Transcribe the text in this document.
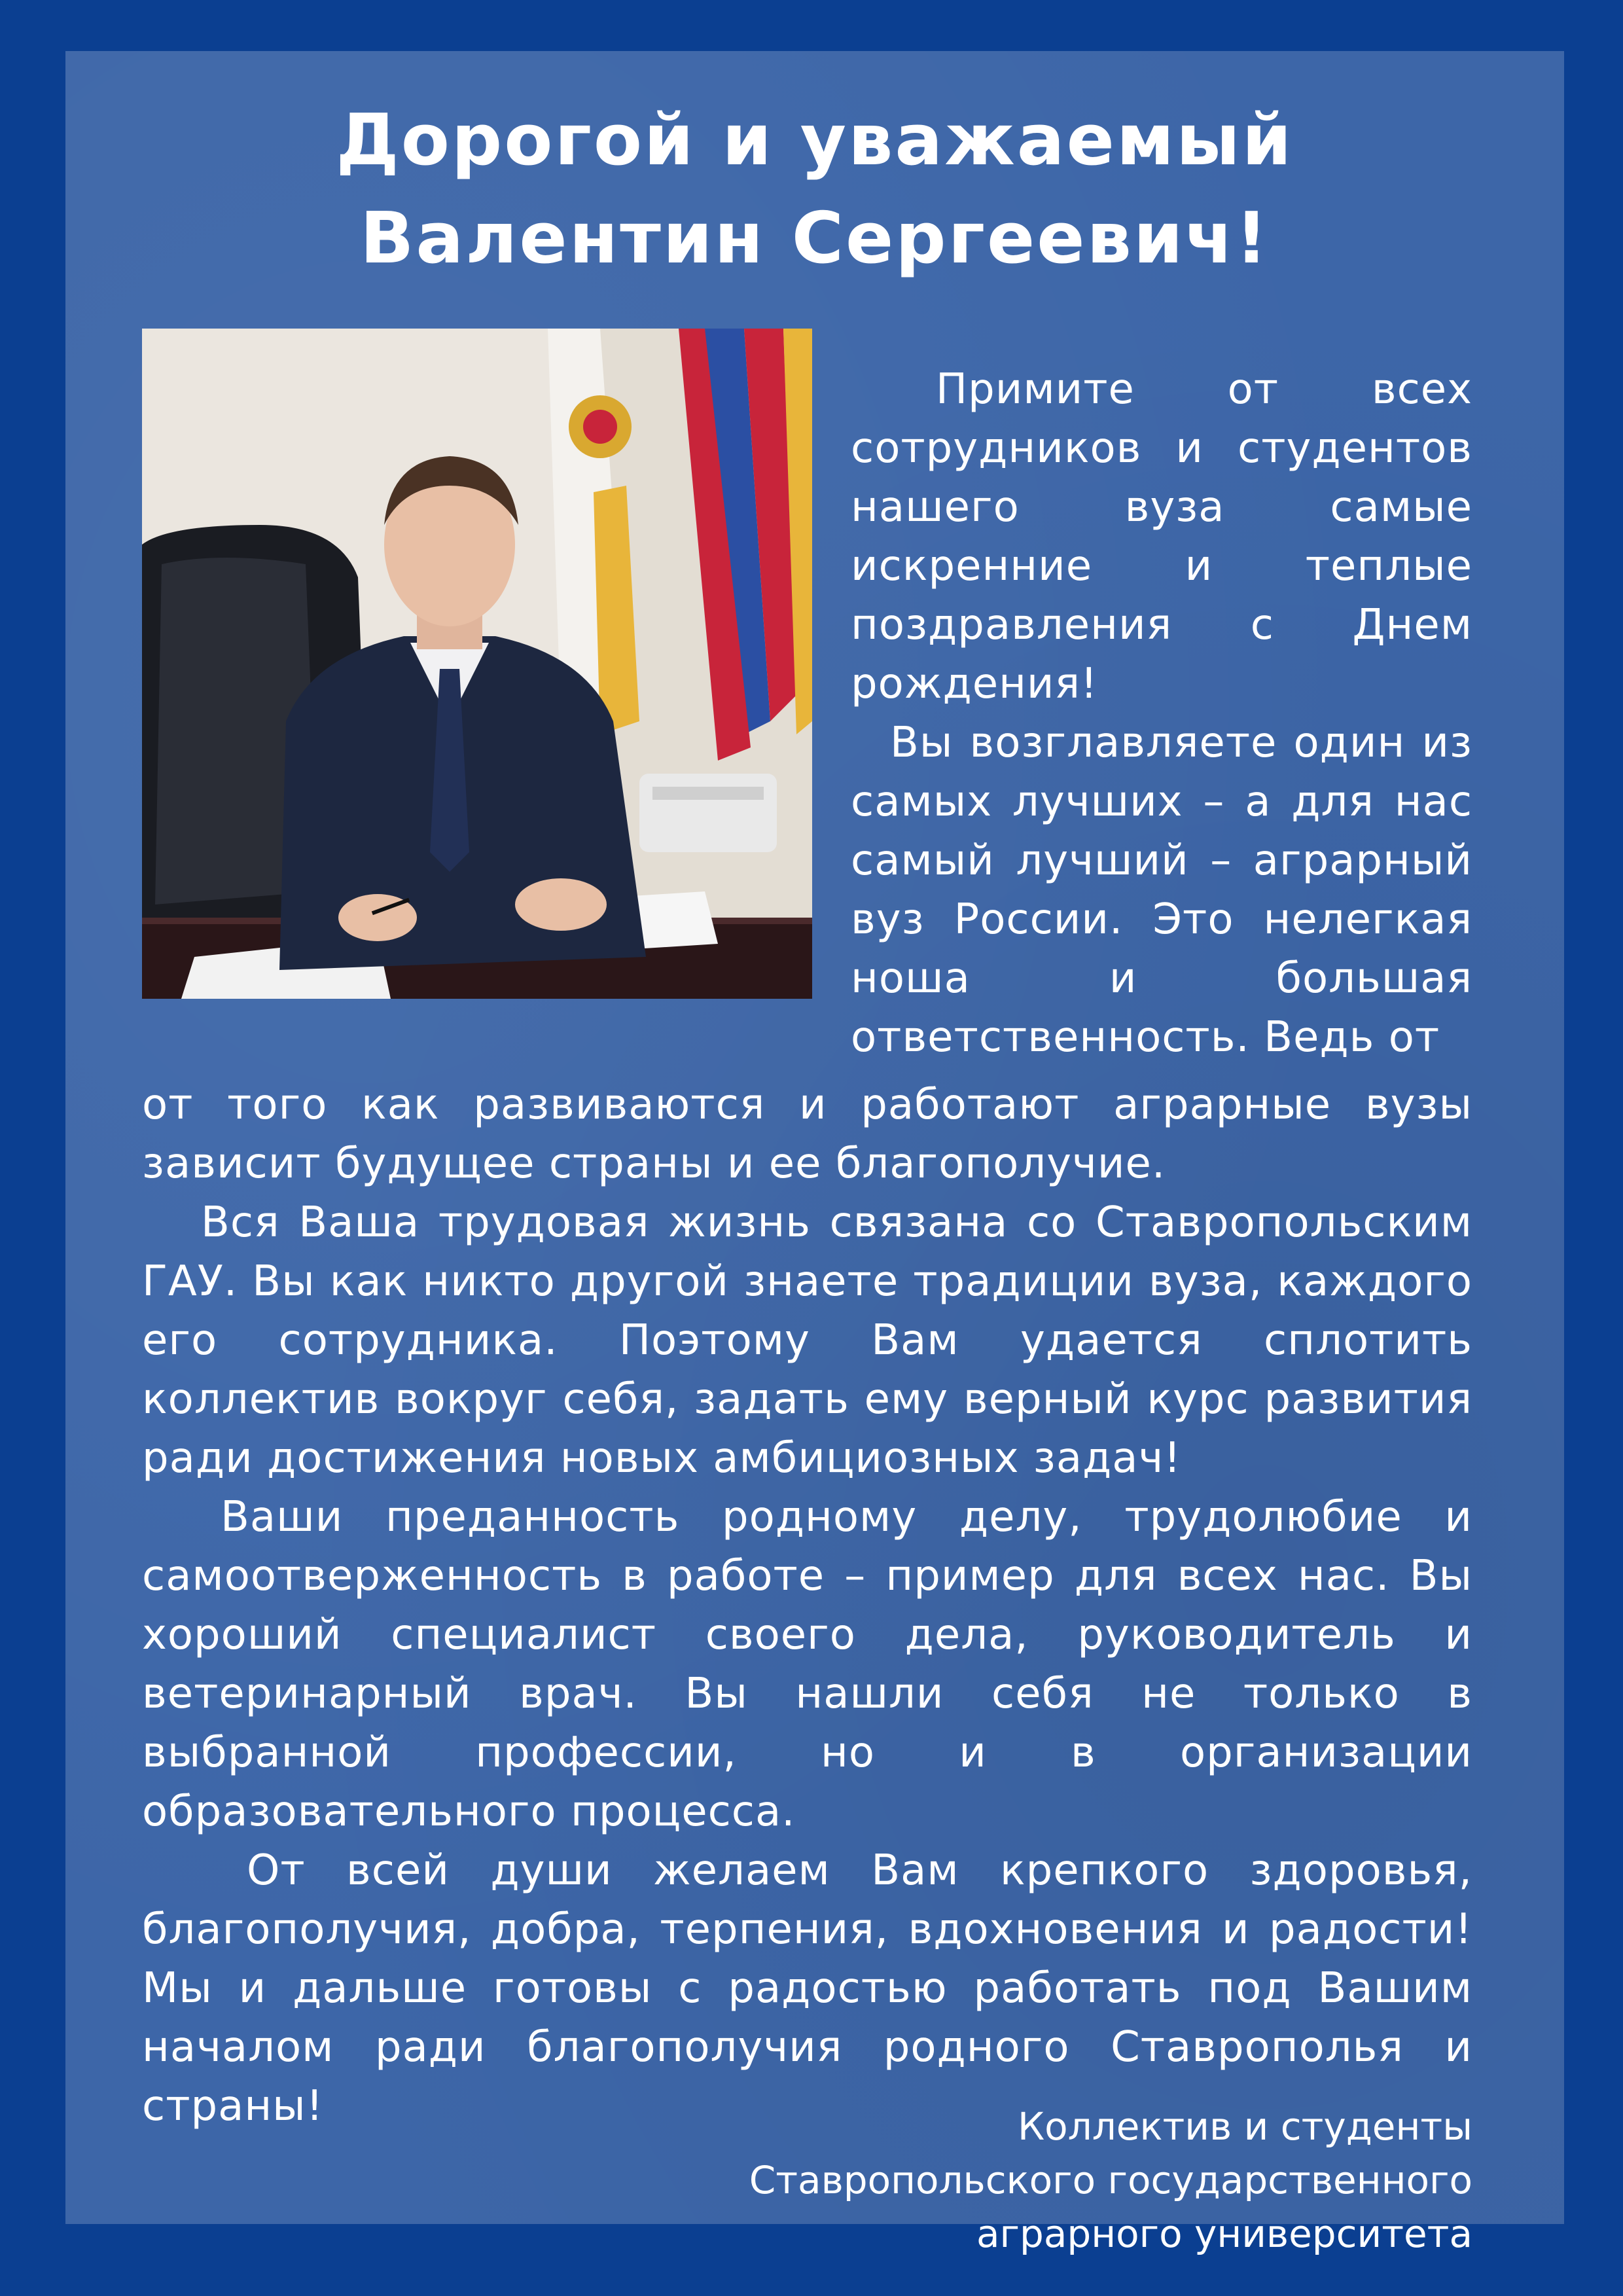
Дорогой и уважаемый
Валентин Сергеевич!

Примите от всех сотрудников и студентов нашего вуза самые искренние и теплые поздравления с Днем рождения!

Вы возглавляете один из самых лучших – а для нас самый лучший – аграрный вуз России. Это нелегкая ноша и большая ответственность. Ведь от

от того как развиваются и работают аграрные вузы зависит будущее страны и ее благополучие.

Вся Ваша трудовая жизнь связана со Ставропольским ГАУ. Вы как никто другой знаете традиции вуза, каждого его сотрудника. Поэтому Вам удается сплотить коллектив вокруг себя, задать ему верный курс развития ради достижения новых амбициозных задач!

Ваши преданность родному делу, трудолюбие и самоотверженность в работе – пример для всех нас. Вы хороший специалист своего дела, руководитель и ветеринарный врач. Вы нашли себя не только в выбранной профессии, но и в организации образовательного процесса.

От всей души желаем Вам крепкого здоровья, благополучия, добра, терпения, вдохновения и радости! Мы и дальше готовы с радостью работать под Вашим началом ради благополучия родного Ставрополья и страны!	Коллектив и студенты
Ставропольского государственного
аграрного университета
